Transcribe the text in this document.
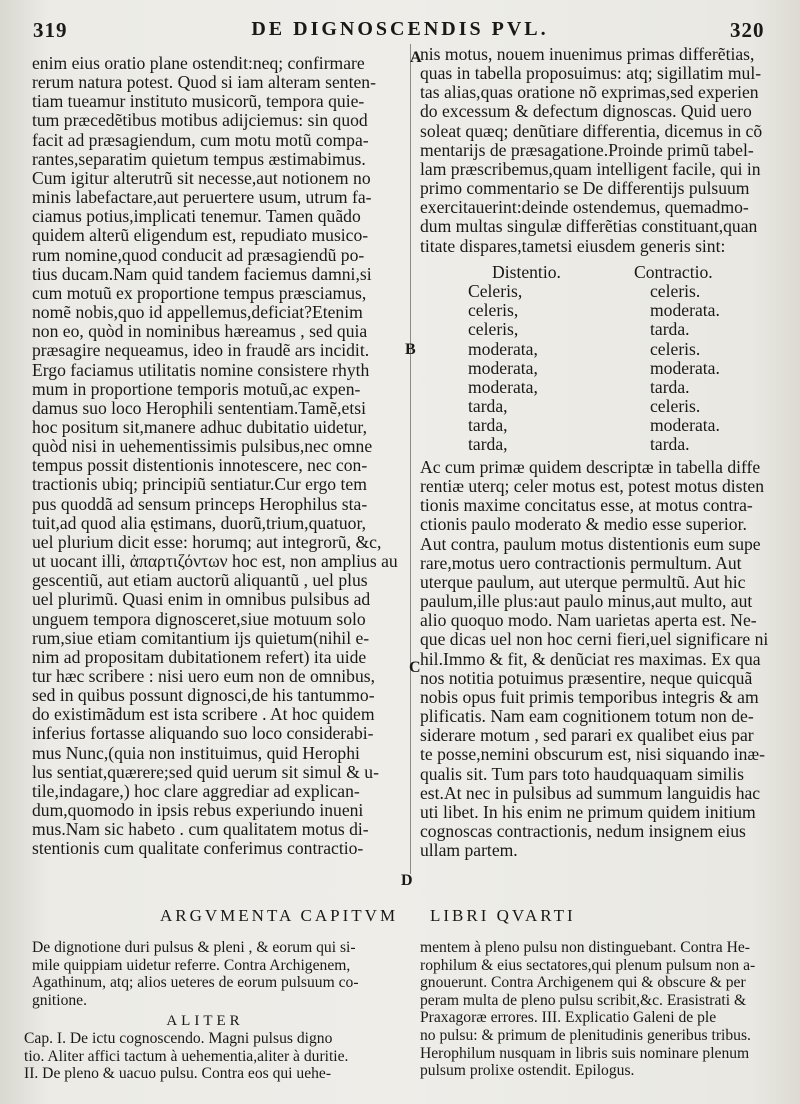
319	DE DIGNOSCENDIS PVL.	320
A
B
C
D
enim eius oratio plane ostendit:neq; confirmare
rerum natura potest. Quod si iam alteram senten-
tiam tueamur instituto musicorũ, tempora quie-
tum præcedẽtibus motibus adijciemus: sin quod
facit ad præsagiendum, cum motu motũ compa-
rantes,separatim quietum tempus æstimabimus.
Cum igitur alterutrũ sit necesse,aut notionem no
minis labefactare,aut peruertere usum, utrum fa-
ciamus potius,implicati tenemur. Tamen quãdo
quidem alterũ eligendum est, repudiato musico-
rum nomine,quod conducit ad præsagiendũ po-
tius ducam.Nam quid tandem faciemus damni,si
cum motuũ ex proportione tempus præsciamus,
nomẽ nobis,quo id appellemus,deficiat?Etenim
non eo, quòd in nominibus hæreamus , sed quia
præsagire nequeamus, ideo in fraudẽ ars incidit.
Ergo faciamus utilitatis nomine consistere rhyth
mum in proportione temporis motuũ,ac expen-
damus suo loco Herophili sententiam.Tamẽ,etsi
hoc positum sit,manere adhuc dubitatio uidetur,
quòd nisi in uehementissimis pulsibus,nec omne
tempus possit distentionis innotescere, nec con-
tractionis ubiq; principiũ sentiatur.Cur ergo tem
pus quoddã ad sensum princeps Herophilus sta-
tuit,ad quod alia ęstimans, duorũ,trium,quatuor,
uel plurium dicit esse: horumq; aut integrorũ, &c,
ut uocant illi, ἀπαρτιζόντων hoc est, non amplius au
gescentiũ, aut etiam auctorũ aliquantũ , uel plus
uel plurimũ. Quasi enim in omnibus pulsibus ad
unguem tempora dignosceret,siue motuum solo
rum,siue etiam comitantium ijs quietum(nihil e-
nim ad propositam dubitationem refert) ita uide
tur hæc scribere : nisi uero eum non de omnibus,
sed in quibus possunt dignosci,de his tantummo-
do existimãdum est ista scribere . At hoc quidem
inferius fortasse aliquando suo loco considerabi-
mus Nunc,(quia non instituimus, quid Herophi
lus sentiat,quærere;sed quid uerum sit simul & u-
tile,indagare,) hoc clare aggrediar ad explican-
dum,quomodo in ipsis rebus experiundo inueni
mus.Nam sic habeto . cum qualitatem motus di-
stentionis cum qualitate conferimus contractio-
nis motus, nouem inuenimus primas differẽtias,
quas in tabella proposuimus: atq; sigillatim mul-
tas alias,quas oratione nõ exprimas,sed experien
do excessum & defectum dignoscas. Quid uero
soleat quæq; denũtiare differentia, dicemus in cõ
mentarijs de præsagatione.Proinde primũ tabel-
lam præscribemus,quam intelligent facile, qui in
primo commentario se De differentijs pulsuum
exercitauerint:deinde ostendemus, quemadmo-
dum multas singulæ differẽtias constituant,quan
titate dispares,tametsi eiusdem generis sint:
Distentio.	Contractio.
Celeris,	celeris.
celeris,	moderata.
celeris,	tarda.
moderata,	celeris.
moderata,	moderata.
moderata,	tarda.
tarda,	celeris.
tarda,	moderata.
tarda,	tarda.
Ac cum primæ quidem descriptæ in tabella diffe
rentiæ uterq; celer motus est, potest motus disten
tionis maxime concitatus esse, at motus contra-
ctionis paulo moderato & medio esse superior.
Aut contra, paulum motus distentionis eum supe
rare,motus uero contractionis permultum. Aut
uterque paulum, aut uterque permultũ. Aut hic
paulum,ille plus:aut paulo minus,aut multo, aut
alio quoquo modo. Nam uarietas aperta est. Ne-
que dicas uel non hoc cerni fieri,uel significare ni
hil.Immo & fit, & denũciat res maximas. Ex qua
nos notitia potuimus præsentire, neque quicquã
nobis opus fuit primis temporibus integris & am
plificatis. Nam eam cognitionem totum non de-
siderare motum , sed parari ex qualibet eius par
te posse,nemini obscurum est, nisi siquando inæ-
qualis sit. Tum pars toto haudquaquam similis
est.At nec in pulsibus ad summum languidis hac
uti libet. In his enim ne primum quidem initium
cognoscas contractionis, nedum insignem eius
ullam partem.
ARGVMENTA CAPITVM LIBRI QVARTI
De dignotione duri pulsus & pleni , & eorum qui si-
mile quippiam uidetur referre. Contra Archigenem,
Agathinum, atq; alios ueteres de eorum pulsuum co-
gnitione.
ALITER
Cap. I. De ictu cognoscendo. Magni pulsus digno
tio. Aliter affici tactum à uehementia,aliter à duritie.
II. De pleno & uacuo pulsu. Contra eos qui uehe-
mentem à pleno pulsu non distinguebant. Contra He-
rophilum & eius sectatores,qui plenum pulsum non a-
gnouerunt. Contra Archigenem qui & obscure & per
peram multa de pleno pulsu scribit,&c. Erasistrati &
Praxagoræ errores. III. Explicatio Galeni de ple
no pulsu: & primum de plenitudinis generibus tribus.
Herophilum nusquam in libris suis nominare plenum
pulsum prolixe ostendit. Epilogus.
